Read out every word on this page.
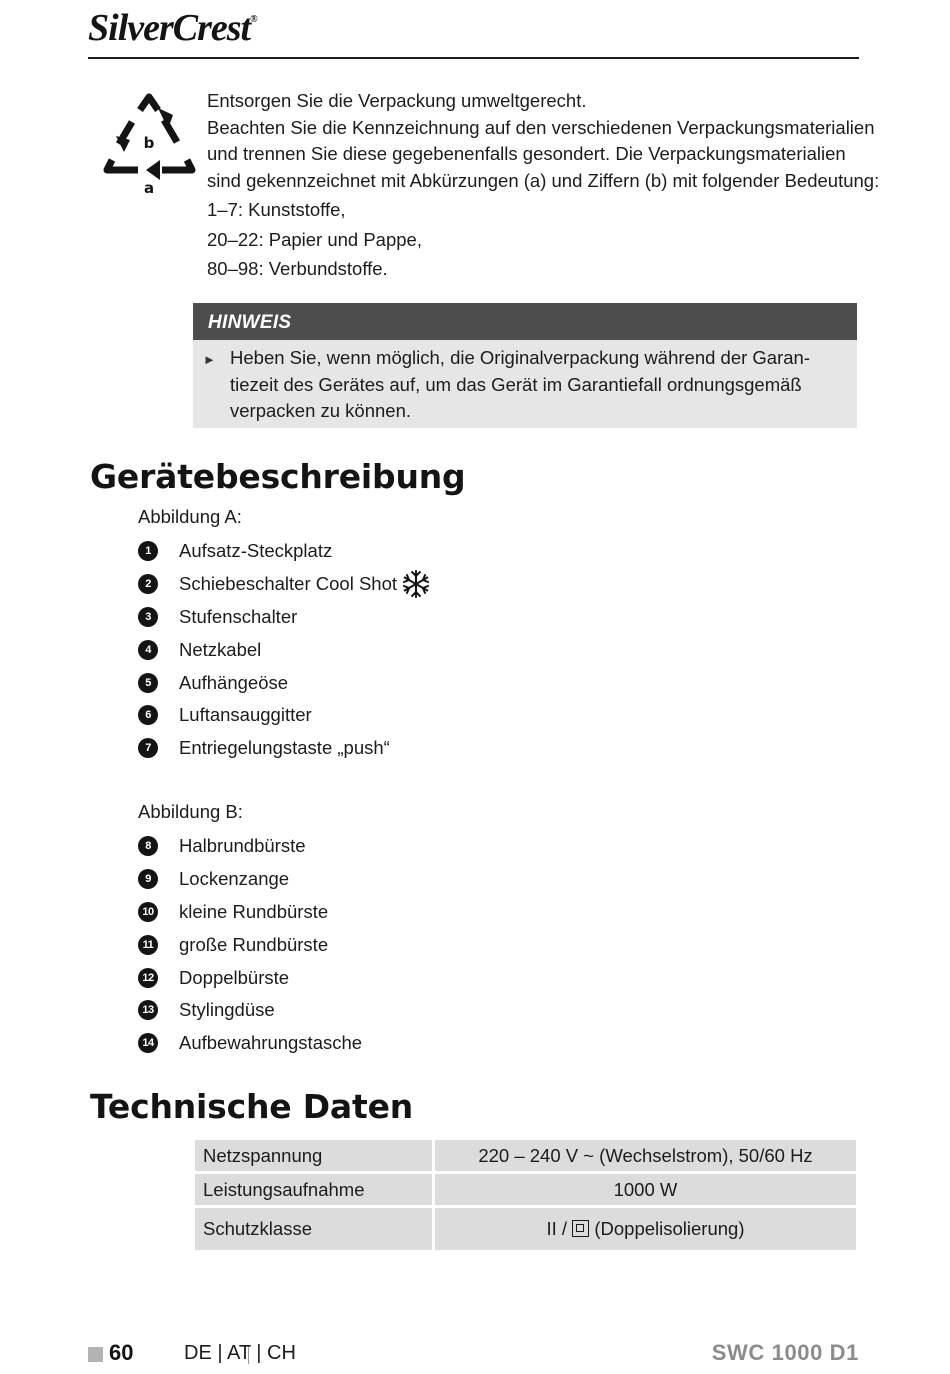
SilverCrest®
b
a
Entsorgen Sie die Verpackung umweltgerecht.
Beachten Sie die Kennzeichnung auf den verschiedenen Verpackungsmaterialien
und trennen Sie diese gegebenenfalls gesondert. Die Verpackungsmaterialien
sind gekennzeichnet mit Abkürzungen (a) und Ziffern (b) mit folgender Bedeutung:
1–7: Kunststoffe,
20–22: Papier und Pappe,
80–98: Verbundstoffe.
HINWEIS
► Heben Sie, wenn möglich, die Originalverpackung während der Garan-
tiezeit des Gerätes auf, um das Gerät im Garantiefall ordnungsgemäß
verpacken zu können.
Gerätebeschreibung
Abbildung A:
1	Aufsatz-Steckplatz
2	Schiebeschalter Cool Shot
3	Stufenschalter
4	Netzkabel
5	Aufhängeöse
6	Luftansauggitter
7	Entriegelungstaste „push“
Abbildung B:
8	Halbrundbürste
9	Lockenzange
10 kleine Rundbürste
11 große Rundbürste
12 Doppelbürste
13 Stylingdüse
14 Aufbewahrungstasche
Technische Daten
Netzspannung	220 – 240 V ~ (Wechselstrom), 50/60 Hz
Leistungsaufnahme	1000 W
Schutzklasse	II / (Doppelisolierung)
60	DE | AT | CH	SWC 1000 D1
